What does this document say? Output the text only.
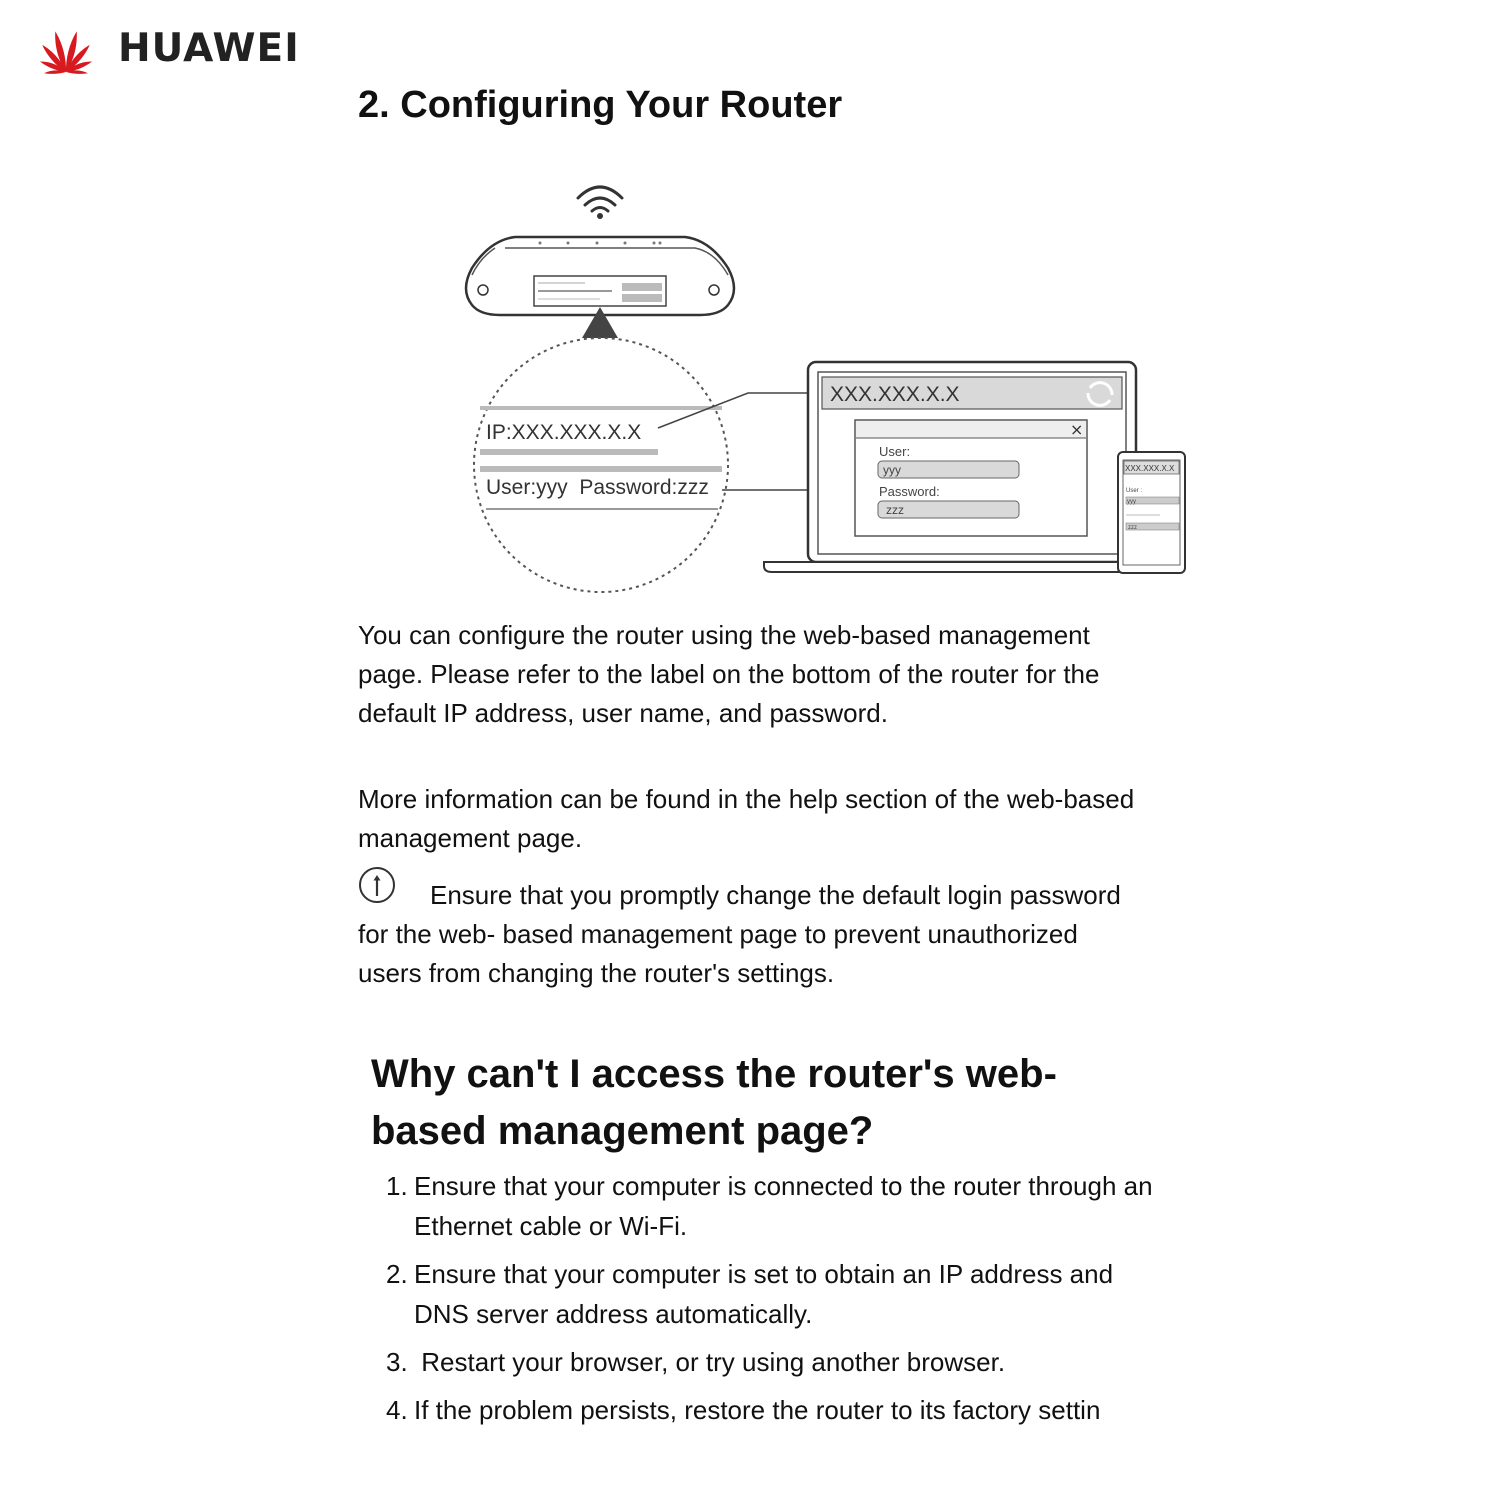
HUAWEI
2. Configuring Your Router
IP:XXX.XXX.X.X
User:yyy  Password:zzz
XXX.XXX.X.X
×
User:
yyy
Password:
zzz
XXX.XXX.X.X
User :
yyy
zzz

You can configure the router using the web-based management page. Please refer to the label on the bottom of the router for the default IP address, user name, and password.

More information can be found in the help section of the web-based management page.

Ensure that you promptly change the default login password for the web- based management page to prevent unauthorized users from changing the router's settings.

Why can't I access the router's web-based management page?
1. Ensure that your computer is connected to the router through an Ethernet cable or Wi-Fi.
2. Ensure that your computer is set to obtain an IP address and DNS server address automatically.
3. Restart your browser, or try using another browser.
4. If the problem persists, restore the router to its factory settin
